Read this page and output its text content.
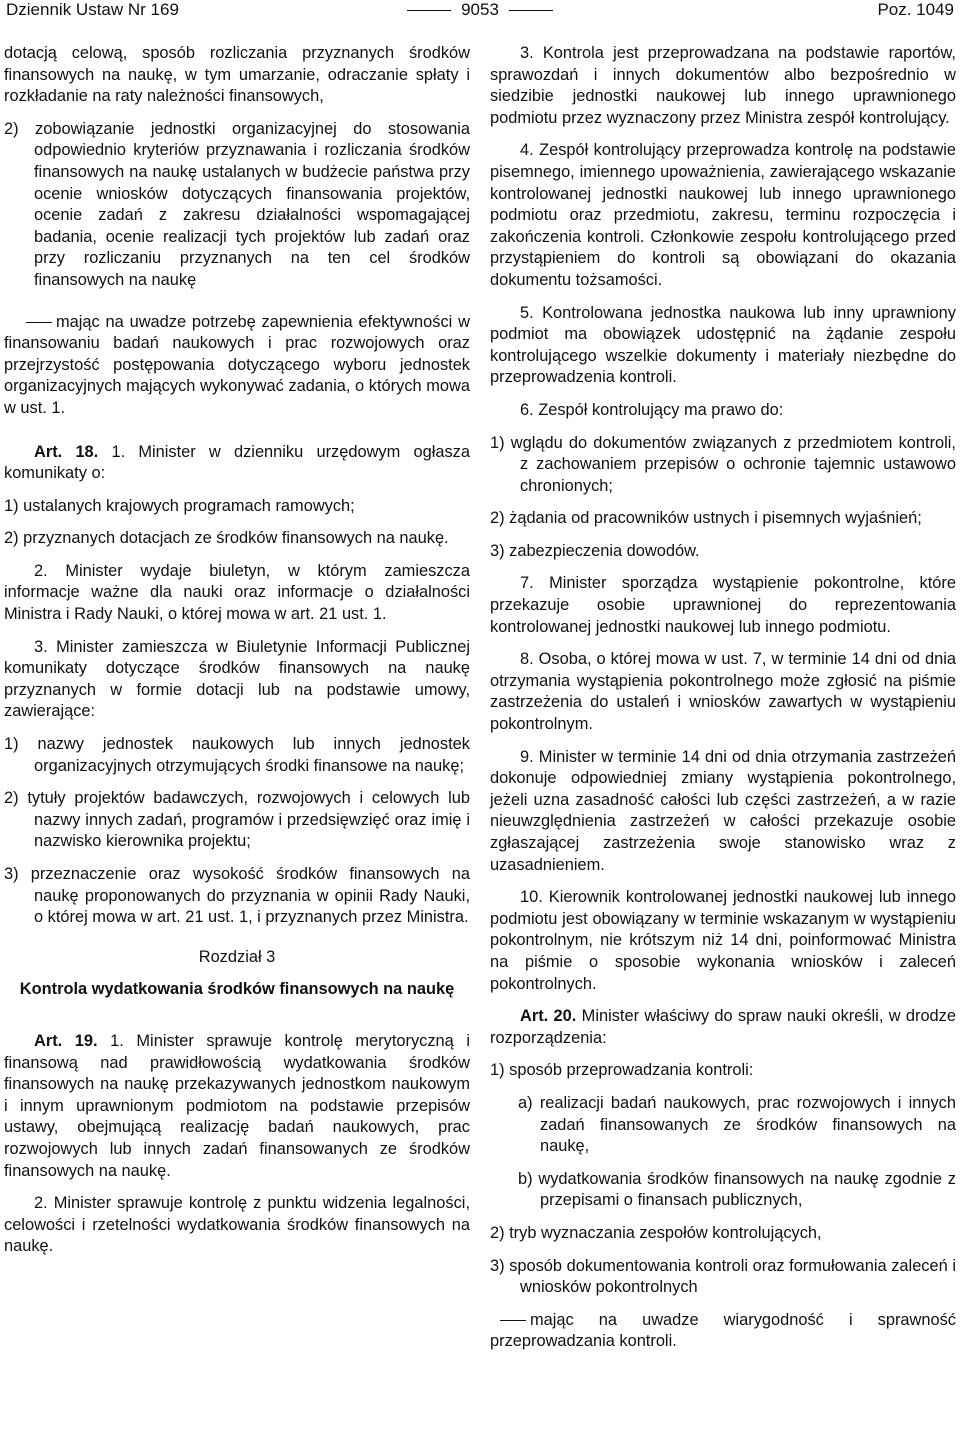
Dziennik Ustaw Nr 169	9053	Poz. 1049

dotacją celową, sposób rozliczania przyznanych środków finansowych na naukę, w tym umarzanie, odraczanie spłaty i rozkładanie na raty należności finansowych,

2) zobowiązanie jednostki organizacyjnej do stosowania odpowiednio kryteriów przyznawania i rozliczania środków finansowych na naukę ustalanych w budżecie państwa przy ocenie wniosków dotyczących finansowania projektów, ocenie zadań z zakresu działalności wspomagającej badania, ocenie realizacji tych projektów lub zadań oraz przy rozliczaniu przyznanych na ten cel środków finansowych na naukę

mając na uwadze potrzebę zapewnienia efektywności w finansowaniu badań naukowych i prac rozwojowych oraz przejrzystość postępowania dotyczącego wyboru jednostek organizacyjnych mających wykonywać zadania, o których mowa w ust. 1.

Art. 18. 1. Minister w dzienniku urzędowym ogłasza komunikaty o:

1) ustalanych krajowych programach ramowych;

2) przyznanych dotacjach ze środków finansowych na naukę.

2. Minister wydaje biuletyn, w którym zamieszcza informacje ważne dla nauki oraz informacje o działalności Ministra i Rady Nauki, o której mowa w art. 21 ust. 1.

3. Minister zamieszcza w Biuletynie Informacji Publicznej komunikaty dotyczące środków finansowych na naukę przyznanych w formie dotacji lub na podstawie umowy, zawierające:

1) nazwy jednostek naukowych lub innych jednostek organizacyjnych otrzymujących środki finansowe na naukę;

2) tytuły projektów badawczych, rozwojowych i celowych lub nazwy innych zadań, programów i przedsięwzięć oraz imię i nazwisko kierownika projektu;

3) przeznaczenie oraz wysokość środków finansowych na naukę proponowanych do przyznania w opinii Rady Nauki, o której mowa w art. 21 ust. 1, i przyznanych przez Ministra.

Rozdział 3

Kontrola wydatkowania środków finansowych na naukę

Art. 19. 1. Minister sprawuje kontrolę merytoryczną i finansową nad prawidłowością wydatkowania środków finansowych na naukę przekazywanych jednostkom naukowym i innym uprawnionym podmiotom na podstawie przepisów ustawy, obejmującą realizację badań naukowych, prac rozwojowych lub innych zadań finansowanych ze środków finansowych na naukę.

2. Minister sprawuje kontrolę z punktu widzenia legalności, celowości i rzetelności wydatkowania środków finansowych na naukę.

3. Kontrola jest przeprowadzana na podstawie raportów, sprawozdań i innych dokumentów albo bezpośrednio w siedzibie jednostki naukowej lub innego uprawnionego podmiotu przez wyznaczony przez Ministra zespół kontrolujący.

4. Zespół kontrolujący przeprowadza kontrolę na podstawie pisemnego, imiennego upoważnienia, zawierającego wskazanie kontrolowanej jednostki naukowej lub innego uprawnionego podmiotu oraz przedmiotu, zakresu, terminu rozpoczęcia i zakończenia kontroli. Członkowie zespołu kontrolującego przed przystąpieniem do kontroli są obowiązani do okazania dokumentu tożsamości.

5. Kontrolowana jednostka naukowa lub inny uprawniony podmiot ma obowiązek udostępnić na żądanie zespołu kontrolującego wszelkie dokumenty i materiały niezbędne do przeprowadzenia kontroli.

6. Zespół kontrolujący ma prawo do:

1) wglądu do dokumentów związanych z przedmiotem kontroli, z zachowaniem przepisów o ochronie tajemnic ustawowo chronionych;

2) żądania od pracowników ustnych i pisemnych wyjaśnień;

3) zabezpieczenia dowodów.

7. Minister sporządza wystąpienie pokontrolne, które przekazuje osobie uprawnionej do reprezentowania kontrolowanej jednostki naukowej lub innego podmiotu.

8. Osoba, o której mowa w ust. 7, w terminie 14 dni od dnia otrzymania wystąpienia pokontrolnego może zgłosić na piśmie zastrzeżenia do ustaleń i wniosków zawartych w wystąpieniu pokontrolnym.

9. Minister w terminie 14 dni od dnia otrzymania zastrzeżeń dokonuje odpowiedniej zmiany wystąpienia pokontrolnego, jeżeli uzna zasadność całości lub części zastrzeżeń, a w razie nieuwzględnienia zastrzeżeń w całości przekazuje osobie zgłaszającej zastrzeżenia swoje stanowisko wraz z uzasadnieniem.

10. Kierownik kontrolowanej jednostki naukowej lub innego podmiotu jest obowiązany w terminie wskazanym w wystąpieniu pokontrolnym, nie krótszym niż 14 dni, poinformować Ministra na piśmie o sposobie wykonania wniosków i zaleceń pokontrolnych.

Art. 20. Minister właściwy do spraw nauki określi, w drodze rozporządzenia:

1) sposób przeprowadzania kontroli:

a) realizacji badań naukowych, prac rozwojowych i innych zadań finansowanych ze środków finansowych na naukę,

b) wydatkowania środków finansowych na naukę zgodnie z przepisami o finansach publicznych,

2) tryb wyznaczania zespołów kontrolujących,

3) sposób dokumentowania kontroli oraz formułowania zaleceń i wniosków pokontrolnych

mając na uwadze wiarygodność i sprawność przeprowadzania kontroli.
